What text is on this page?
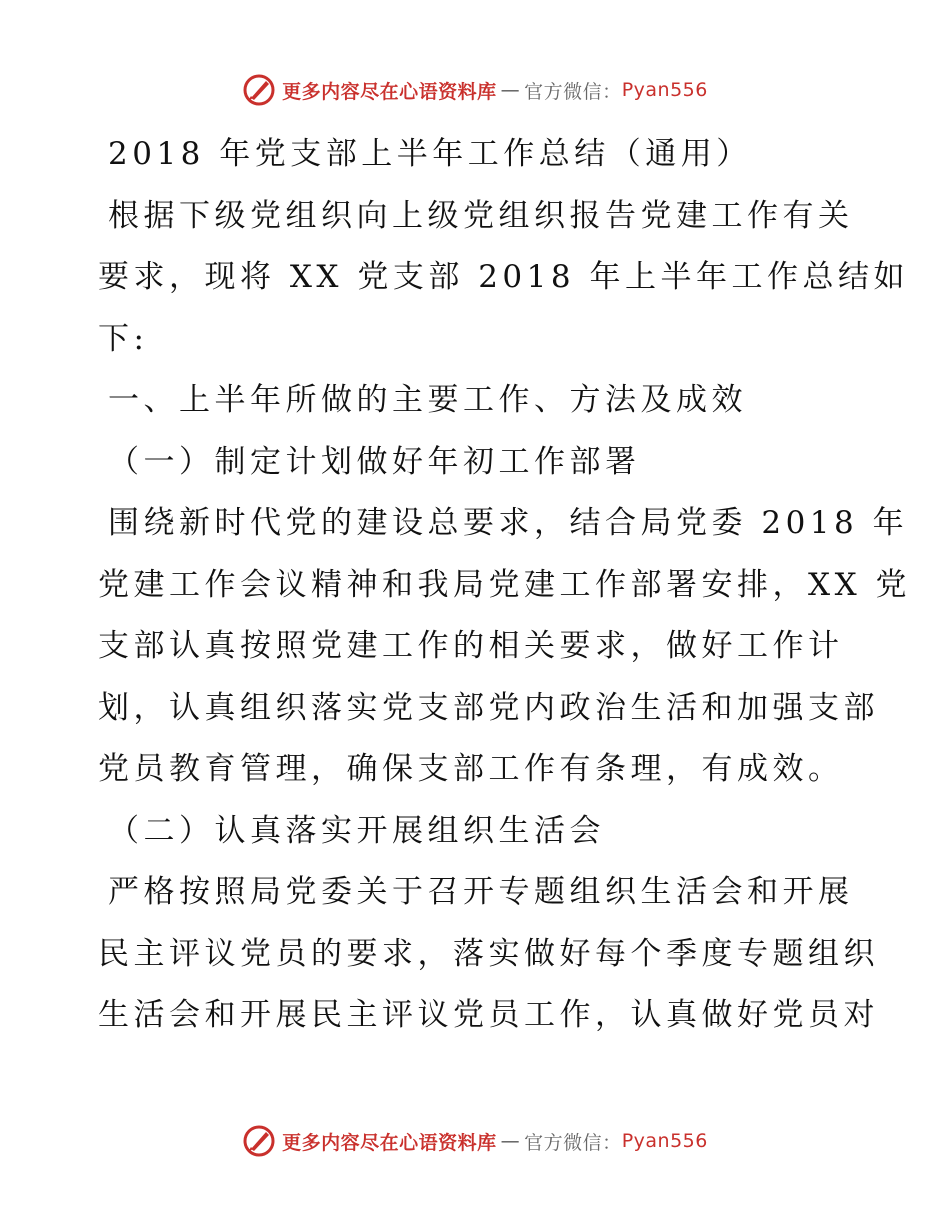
更多内容尽在心语资料库 — 官方微信： Pyan556

2018 年党支部上半年工作总结（通用）

根据下级党组织向上级党组织报告党建工作有关

要求，现将 XX 党支部 2018 年上半年工作总结如

下:

一、上半年所做的主要工作、方法及成效

（一）制定计划做好年初工作部署

围绕新时代党的建设总要求，结合局党委 2018 年

党建工作会议精神和我局党建工作部署安排，XX 党

支部认真按照党建工作的相关要求，做好工作计

划，认真组织落实党支部党内政治生活和加强支部

党员教育管理，确保支部工作有条理，有成效。

（二）认真落实开展组织生活会

严格按照局党委关于召开专题组织生活会和开展

民主评议党员的要求，落实做好每个季度专题组织

生活会和开展民主评议党员工作，认真做好党员对

更多内容尽在心语资料库 — 官方微信： Pyan556
